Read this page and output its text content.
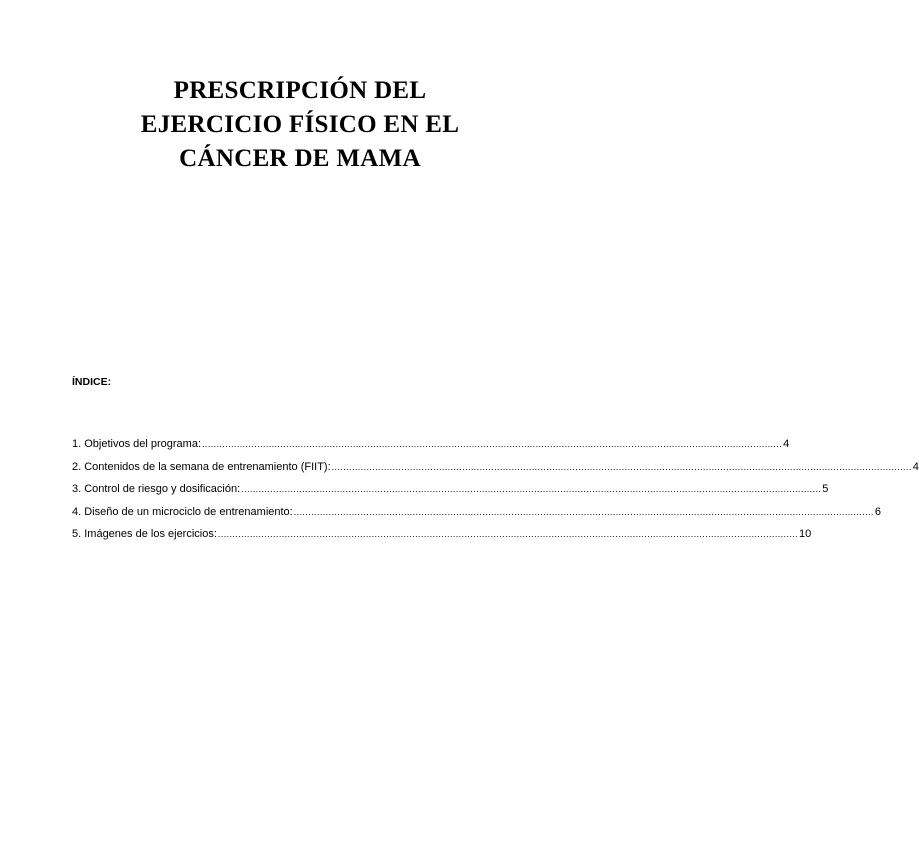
PRESCRIPCIÓN DEL
EJERCICIO FÍSICO EN EL
CÁNCER DE MAMA
ÍNDICE:
1. Objetivos del programa: ........................................................................................................................................................................................................ 4
2. Contenidos de la semana de entrenamiento (FIIT): ........................................................................................................................................................................................................ 4
3. Control de riesgo y dosificación: ........................................................................................................................................................................................................ 5
4. Diseño de un microciclo de entrenamiento: ........................................................................................................................................................................................................ 6
5. Imágenes de los ejercicios: ........................................................................................................................................................................................................ 10
